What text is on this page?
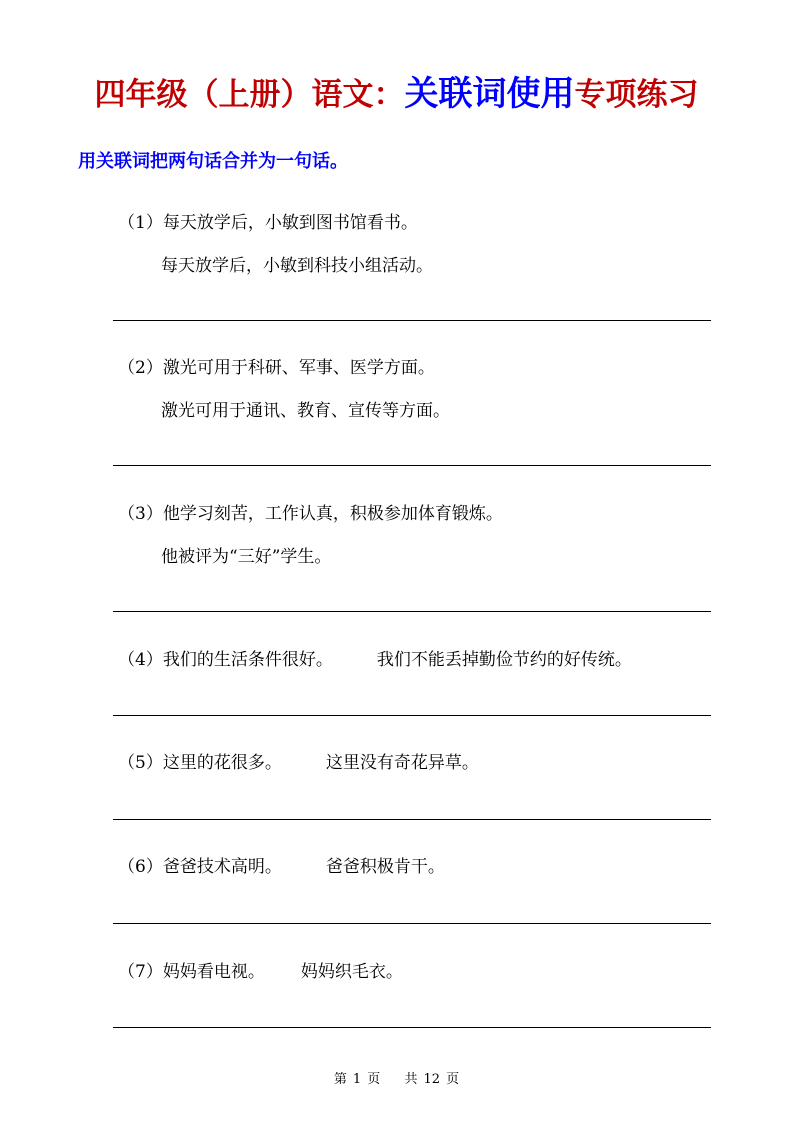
四年级（上册）语文：关联词使用专项练习
用关联词把两句话合并为一句话。
（1）每天放学后，小敏到图书馆看书。
每天放学后，小敏到科技小组活动。
（2）激光可用于科研、军事、医学方面。
激光可用于通讯、教育、宣传等方面。
（3）他学习刻苦，工作认真，积极参加体育锻炼。
他被评为“三好”学生。
（4）我们的生活条件很好。	我们不能丢掉勤俭节约的好传统。
（5）这里的花很多。	这里没有奇花异草。
（6）爸爸技术高明。	爸爸积极肯干。
（7）妈妈看电视。 妈妈织毛衣。
第 1 页 共 12 页
